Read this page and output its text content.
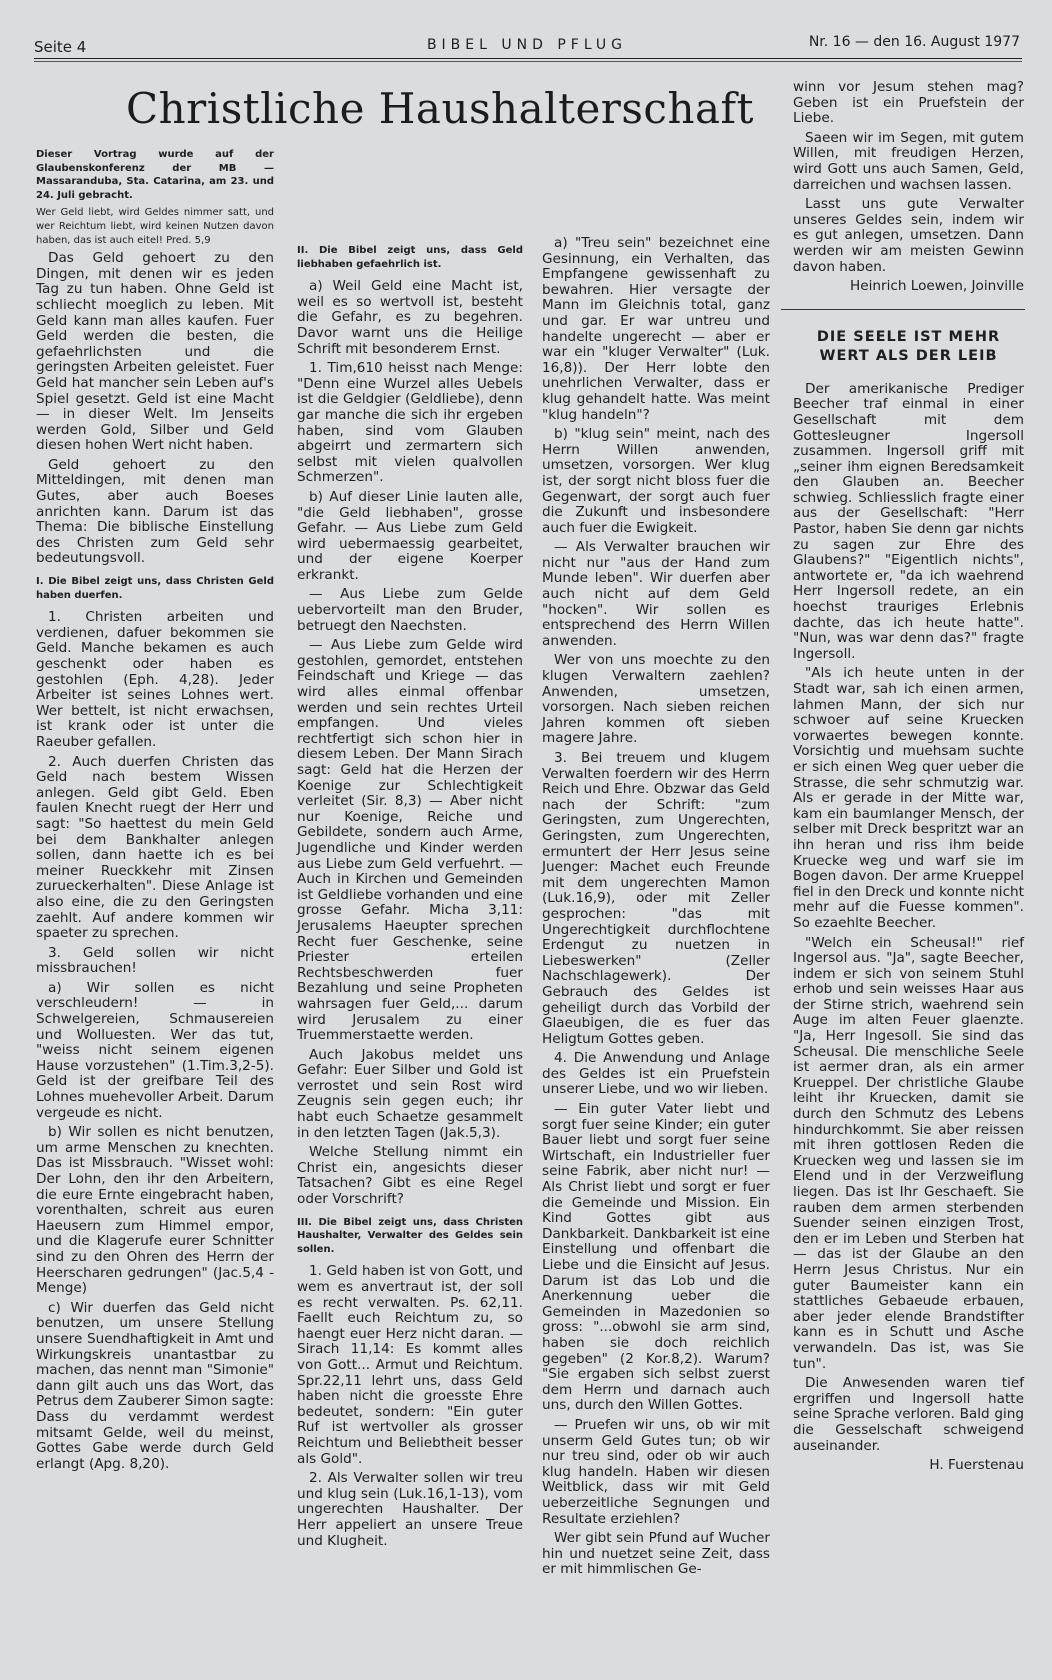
BIBEL UND PFLUG
Seite 4	Nr. 16 — den 16. August 1977
Christliche Haushalterschaft

Dieser Vortrag wurde auf der Glaubenskonferenz der MB — Massaranduba, Sta. Catarina, am 23. und 24. Juli gebracht.

Wer Geld liebt, wird Geldes nimmer satt, und wer Reichtum liebt, wird keinen Nutzen davon haben, das ist auch eitel! Pred. 5,9

Das Geld gehoert zu den Dingen, mit denen wir es jeden Tag zu tun haben. Ohne Geld ist schliecht moeglich zu leben. Mit Geld kann man alles kaufen. Fuer Geld werden die besten, die gefaehrlichsten und die geringsten Arbeiten geleistet. Fuer Geld hat mancher sein Leben auf's Spiel gesetzt. Geld ist eine Macht — in dieser Welt. Im Jenseits werden Gold, Silber und Geld diesen hohen Wert nicht haben.

Geld gehoert zu den Mitteldingen, mit denen man Gutes, aber auch Boeses anrichten kann. Darum ist das Thema: Die biblische Einstellung des Christen zum Geld sehr bedeutungsvoll.

I. Die Bibel zeigt uns, dass Christen Geld haben duerfen.

1. Christen arbeiten und verdienen, dafuer bekommen sie Geld. Manche bekamen es auch geschenkt oder haben es gestohlen (Eph. 4,28). Jeder Arbeiter ist seines Lohnes wert. Wer bettelt, ist nicht erwachsen, ist krank oder ist unter die Raeuber gefallen.

2. Auch duerfen Christen das Geld nach bestem Wissen anlegen. Geld gibt Geld. Eben faulen Knecht ruegt der Herr und sagt: "So haettest du mein Geld bei dem Bankhalter anlegen sollen, dann haette ich es bei meiner Rueckkehr mit Zinsen zurueckerhalten". Diese Anlage ist also eine, die zu den Geringsten zaehlt. Auf andere kommen wir spaeter zu sprechen.

3. Geld sollen wir nicht missbrauchen!

a) Wir sollen es nicht verschleudern! — in Schwelgereien, Schmausereien und Wolluesten. Wer das tut, "weiss nicht seinem eigenen Hause vorzustehen" (1.Tim.3,2-5). Geld ist der greifbare Teil des Lohnes muehevoller Arbeit. Darum vergeude es nicht.

b) Wir sollen es nicht benutzen, um arme Menschen zu knechten. Das ist Missbrauch. "Wisset wohl: Der Lohn, den ihr den Arbeitern, die eure Ernte eingebracht haben, vorenthalten, schreit aus euren Haeusern zum Himmel empor, und die Klagerufe eurer Schnitter sind zu den Ohren des Herrn der Heerscharen gedrungen" (Jac.5,4 - Menge)

c) Wir duerfen das Geld nicht benutzen, um unsere Stellung unsere Suendhaftigkeit in Amt und Wirkungskreis unantastbar zu machen, das nennt man "Simonie" dann gilt auch uns das Wort, das Petrus dem Zauberer Simon sagte: Dass du verdammt werdest mitsamt Gelde, weil du meinst, Gottes Gabe werde durch Geld erlangt (Apg. 8,20).

II. Die Bibel zeigt uns, dass Geld liebhaben gefaehrlich ist.

a) Weil Geld eine Macht ist, weil es so wertvoll ist, besteht die Gefahr, es zu begehren. Davor warnt uns die Heilige Schrift mit besonderem Ernst.

1. Tim,610 heisst nach Menge: "Denn eine Wurzel alles Uebels ist die Geldgier (Geldliebe), denn gar manche die sich ihr ergeben haben, sind vom Glauben abgeirrt und zermartern sich selbst mit vielen qualvollen Schmerzen".

b) Auf dieser Linie lauten alle, "die Geld liebhaben", grosse Gefahr. — Aus Liebe zum Geld wird uebermaessig gearbeitet, und der eigene Koerper erkrankt.

— Aus Liebe zum Gelde uebervorteilt man den Bruder, betruegt den Naechsten.

— Aus Liebe zum Gelde wird gestohlen, gemordet, entstehen Feindschaft und Kriege — das wird alles einmal offenbar werden und sein rechtes Urteil empfangen. Und vieles rechtfertigt sich schon hier in diesem Leben. Der Mann Sirach sagt: Geld hat die Herzen der Koenige zur Schlechtigkeit verleitet (Sir. 8,3) — Aber nicht nur Koenige, Reiche und Gebildete, sondern auch Arme, Jugendliche und Kinder werden aus Liebe zum Geld verfuehrt. — Auch in Kirchen und Gemeinden ist Geldliebe vorhanden und eine grosse Gefahr. Micha 3,11: Jerusalems Haeupter sprechen Recht fuer Geschenke, seine Priester erteilen Rechtsbeschwerden fuer Bezahlung und seine Propheten wahrsagen fuer Geld,... darum wird Jerusalem zu einer Truemmerstaette werden.

Auch Jakobus meldet uns Gefahr: Euer Silber und Gold ist verrostet und sein Rost wird Zeugnis sein gegen euch; ihr habt euch Schaetze gesammelt in den letzten Tagen (Jak.5,3).

Welche Stellung nimmt ein Christ ein, angesichts dieser Tatsachen? Gibt es eine Regel oder Vorschrift?

III. Die Bibel zeigt uns, dass Christen Haushalter, Verwalter des Geldes sein sollen.

1. Geld haben ist von Gott, und wem es anvertraut ist, der soll es recht verwalten. Ps. 62,11. Faellt euch Reichtum zu, so haengt euer Herz nicht daran. — Sirach 11,14: Es kommt alles von Gott... Armut und Reichtum. Spr.22,11 lehrt uns, dass Geld haben nicht die groesste Ehre bedeutet, sondern: "Ein guter Ruf ist wertvoller als grosser Reichtum und Beliebtheit besser als Gold".

2. Als Verwalter sollen wir treu und klug sein (Luk.16,1-13), vom ungerechten Haushalter. Der Herr appeliert an unsere Treue und Klugheit.

a) "Treu sein" bezeichnet eine Gesinnung, ein Verhalten, das Empfangene gewissenhaft zu bewahren. Hier versagte der Mann im Gleichnis total, ganz und gar. Er war untreu und handelte ungerecht — aber er war ein "kluger Verwalter" (Luk. 16,8)). Der Herr lobte den unehrlichen Verwalter, dass er klug gehandelt hatte. Was meint "klug handeln"?

b) "klug sein" meint, nach des Herrn Willen anwenden, umsetzen, vorsorgen. Wer klug ist, der sorgt nicht bloss fuer die Gegenwart, der sorgt auch fuer die Zukunft und insbesondere auch fuer die Ewigkeit.

— Als Verwalter brauchen wir nicht nur "aus der Hand zum Munde leben". Wir duerfen aber auch nicht auf dem Geld "hocken". Wir sollen es entsprechend des Herrn Willen anwenden.

Wer von uns moechte zu den klugen Verwaltern zaehlen? Anwenden, umsetzen, vorsorgen. Nach sieben reichen Jahren kommen oft sieben magere Jahre.

3. Bei treuem und klugem Verwalten foerdern wir des Herrn Reich und Ehre. Obzwar das Geld nach der Schrift: "zum Geringsten, zum Ungerechten, Geringsten, zum Ungerechten, ermuntert der Herr Jesus seine Juenger: Machet euch Freunde mit dem ungerechten Mamon (Luk.16,9), oder mit Zeller gesprochen: "das mit Ungerechtigkeit durchflochtene Erdengut zu nuetzen in Liebeswerken" (Zeller Nachschlagewerk). Der Gebrauch des Geldes ist geheiligt durch das Vorbild der Glaeubigen, die es fuer das Heligtum Gottes geben.

4. Die Anwendung und Anlage des Geldes ist ein Pruefstein unserer Liebe, und wo wir lieben.

— Ein guter Vater liebt und sorgt fuer seine Kinder; ein guter Bauer liebt und sorgt fuer seine Wirtschaft, ein Industrieller fuer seine Fabrik, aber nicht nur! — Als Christ liebt und sorgt er fuer die Gemeinde und Mission. Ein Kind Gottes gibt aus Dankbarkeit. Dankbarkeit ist eine Einstellung und offenbart die Liebe und die Einsicht auf Jesus. Darum ist das Lob und die Anerkennung ueber die Gemeinden in Mazedonien so gross: "...obwohl sie arm sind, haben sie doch reichlich gegeben" (2 Kor.8,2). Warum? "Sie ergaben sich selbst zuerst dem Herrn und darnach auch uns, durch den Willen Gottes.

— Pruefen wir uns, ob wir mit unserm Geld Gutes tun; ob wir nur treu sind, oder ob wir auch klug handeln. Haben wir diesen Weitblick, dass wir mit Geld ueberzeitliche Segnungen und Resultate erziehlen?

Wer gibt sein Pfund auf Wucher hin und nuetzet seine Zeit, dass er mit himmlischen Ge-

winn vor Jesum stehen mag? Geben ist ein Pruefstein der Liebe.

Saeen wir im Segen, mit gutem Willen, mit freudigen Herzen, wird Gott uns auch Samen, Geld, darreichen und wachsen lassen.

Lasst uns gute Verwalter unseres Geldes sein, indem wir es gut anlegen, umsetzen. Dann werden wir am meisten Gewinn davon haben.

Heinrich Loewen, Joinville

DIE SEELE IST MEHR WERT ALS DER LEIB

Der amerikanische Prediger Beecher traf einmal in einer Gesellschaft mit dem Gottesleugner Ingersoll zusammen. Ingersoll griff mit „seiner ihm eignen Beredsamkeit den Glauben an. Beecher schwieg. Schliesslich fragte einer aus der Gesellschaft: "Herr Pastor, haben Sie denn gar nichts zu sagen zur Ehre des Glaubens?" "Eigentlich nichts", antwortete er, "da ich waehrend Herr Ingersoll redete, an ein hoechst trauriges Erlebnis dachte, das ich heute hatte". "Nun, was war denn das?" fragte Ingersoll.

"Als ich heute unten in der Stadt war, sah ich einen armen, lahmen Mann, der sich nur schwoer auf seine Kruecken vorwaertes bewegen konnte. Vorsichtig und muehsam suchte er sich einen Weg quer ueber die Strasse, die sehr schmutzig war. Als er gerade in der Mitte war, kam ein baumlanger Mensch, der selber mit Dreck bespritzt war an ihn heran und riss ihm beide Kruecke weg und warf sie im Bogen davon. Der arme Krueppel fiel in den Dreck und konnte nicht mehr auf die Fuesse kommen". So ezaehlte Beecher.

"Welch ein Scheusal!" rief Ingersol aus. "Ja", sagte Beecher, indem er sich von seinem Stuhl erhob und sein weisses Haar aus der Stirne strich, waehrend sein Auge im alten Feuer glaenzte. "Ja, Herr Ingesoll. Sie sind das Scheusal. Die menschliche Seele ist aermer dran, als ein armer Krueppel. Der christliche Glaube leiht ihr Kruecken, damit sie durch den Schmutz des Lebens hindurchkommt. Sie aber reissen mit ihren gottlosen Reden die Kruecken weg und lassen sie im Elend und in der Verzweiflung liegen. Das ist Ihr Geschaeft. Sie rauben dem armen sterbenden Suender seinen einzigen Trost, den er im Leben und Sterben hat — das ist der Glaube an den Herrn Jesus Christus. Nur ein guter Baumeister kann ein stattliches Gebaeude erbauen, aber jeder elende Brandstifter kann es in Schutt und Asche verwandeln. Das ist, was Sie tun".

Die Anwesenden waren tief ergriffen und Ingersoll hatte seine Sprache verloren. Bald ging die Gesselschaft schweigend auseinander.

H. Fuerstenau
